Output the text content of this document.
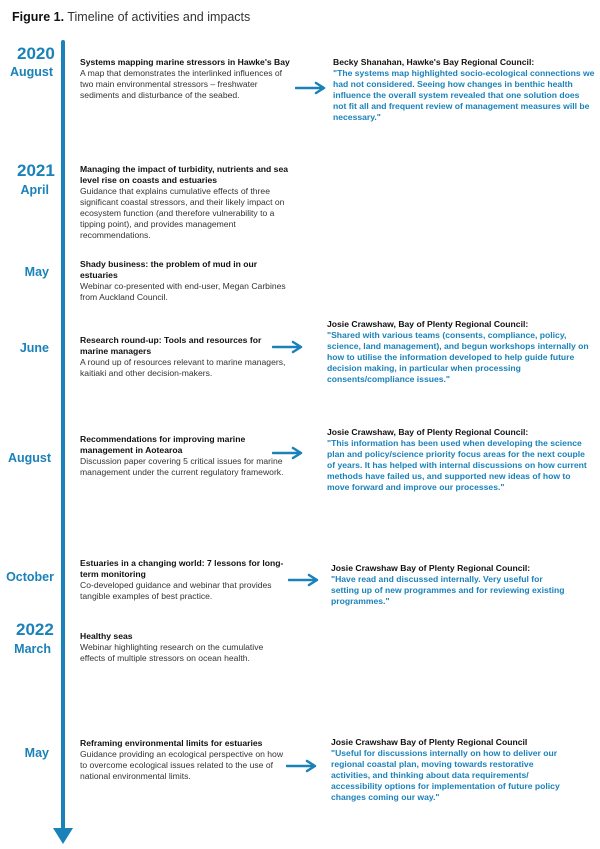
Figure 1. Timeline of activities and impacts
2020
2021
2022
August
April
May
June
August
October
March
May
Systems mapping marine stressors in Hawke's Bay
A map that demonstrates the interlinked influences of two main environmental stressors – freshwater sediments and disturbance of the seabed.
Managing the impact of turbidity, nutrients and sea level rise on coasts and estuaries
Guidance that explains cumulative effects of three significant coastal stressors, and their likely impact on ecosystem function (and therefore vulnerability to a tipping point), and provides management recommendations.
Shady business: the problem of mud in our estuaries
Webinar co-presented with end-user, Megan Carbines from Auckland Council.
Research round-up: Tools and resources for marine managers
A round up of resources relevant to marine managers, kaitiaki and other decision-makers.
Recommendations for improving marine management in Aotearoa
Discussion paper covering 5 critical issues for marine management under the current regulatory framework.
Estuaries in a changing world: 7 lessons for long-term monitoring
Co-developed guidance and webinar that provides tangible examples of best practice.
Healthy seas
Webinar highlighting research on the cumulative effects of multiple stressors on ocean health.
Reframing environmental limits for estuaries
Guidance providing an ecological perspective on how to overcome ecological issues related to the use of national environmental limits.
Becky Shanahan, Hawke's Bay Regional Council:
"The systems map highlighted socio-ecological connections we had not considered. Seeing how changes in benthic health influence the overall system revealed that one solution does not fit all and frequent review of management measures will be necessary."
Josie Crawshaw, Bay of Plenty Regional Council:
"Shared with various teams (consents, compliance, policy, science, land management), and begun workshops internally on how to utilise the information developed to help guide future decision making, in particular when processing consents/compliance issues."
Josie Crawshaw, Bay of Plenty Regional Council:
"This information has been used when developing the science plan and policy/science priority focus areas for the next couple of years. It has helped with internal discussions on how current methods have failed us, and supported new ideas of how to move forward and improve our processes."
Josie Crawshaw Bay of Plenty Regional Council:
"Have read and discussed internally. Very useful for setting up of new programmes and for reviewing existing programmes."
Josie Crawshaw Bay of Plenty Regional Council
"Useful for discussions internally on how to deliver our regional coastal plan, moving towards restorative activities, and thinking about data requirements/ accessibility options for implementation of future policy changes coming our way."
